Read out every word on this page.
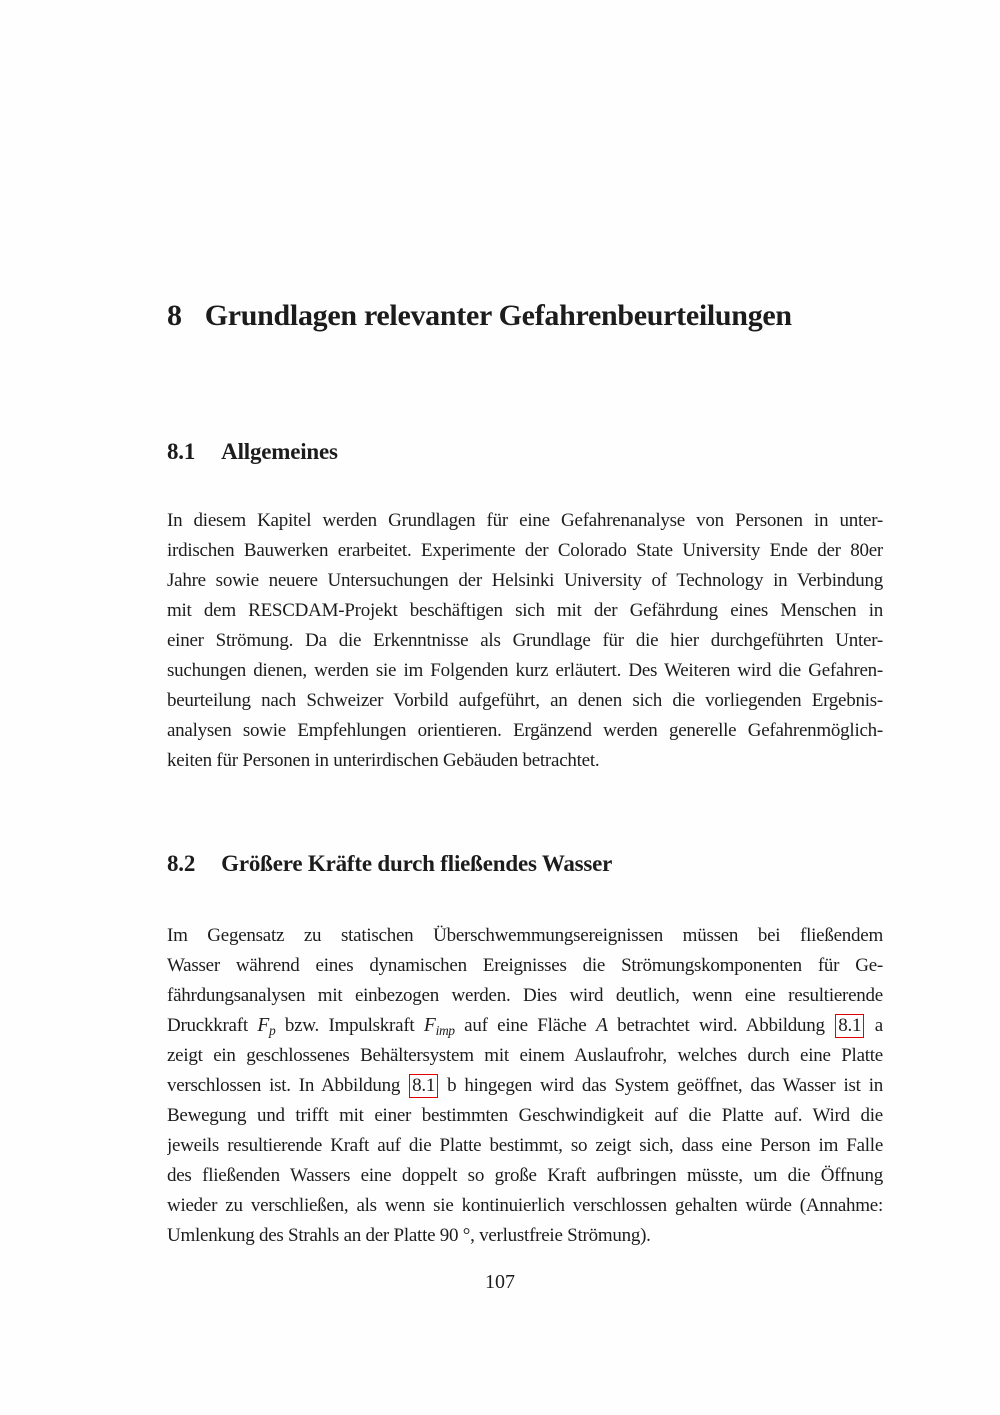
8 Grundlagen relevanter Gefahrenbeurteilungen
8.1 Allgemeines
In diesem Kapitel werden Grundlagen für eine Gefahrenanalyse von Personen in unter-
irdischen Bauwerken erarbeitet. Experimente der Colorado State University Ende der 80er
Jahre sowie neuere Untersuchungen der Helsinki University of Technology in Verbindung
mit dem RESCDAM-Projekt beschäftigen sich mit der Gefährdung eines Menschen in
einer Strömung. Da die Erkenntnisse als Grundlage für die hier durchgeführten Unter-
suchungen dienen, werden sie im Folgenden kurz erläutert. Des Weiteren wird die Gefahren-
beurteilung nach Schweizer Vorbild aufgeführt, an denen sich die vorliegenden Ergebnis-
analysen sowie Empfehlungen orientieren. Ergänzend werden generelle Gefahrenmöglich-
keiten für Personen in unterirdischen Gebäuden betrachtet.
8.2 Größere Kräfte durch fließendes Wasser
Im Gegensatz zu statischen Überschwemmungsereignissen müssen bei fließendem
Wasser während eines dynamischen Ereignisses die Strömungskomponenten für Ge-
fährdungsanalysen mit einbezogen werden. Dies wird deutlich, wenn eine resultierende
Druckkraft $F_p$ bzw. Impulskraft $F_{imp}$ auf eine Fläche A betrachtet wird. Abbildung 8.1 a
zeigt ein geschlossenes Behältersystem mit einem Auslaufrohr, welches durch eine Platte
verschlossen ist. In Abbildung 8.1 b hingegen wird das System geöffnet, das Wasser ist in
Bewegung und trifft mit einer bestimmten Geschwindigkeit auf die Platte auf. Wird die
jeweils resultierende Kraft auf die Platte bestimmt, so zeigt sich, dass eine Person im Falle
des fließenden Wassers eine doppelt so große Kraft aufbringen müsste, um die Öffnung
wieder zu verschließen, als wenn sie kontinuierlich verschlossen gehalten würde (Annahme:
Umlenkung des Strahls an der Platte 90 °, verlustfreie Strömung).
107
